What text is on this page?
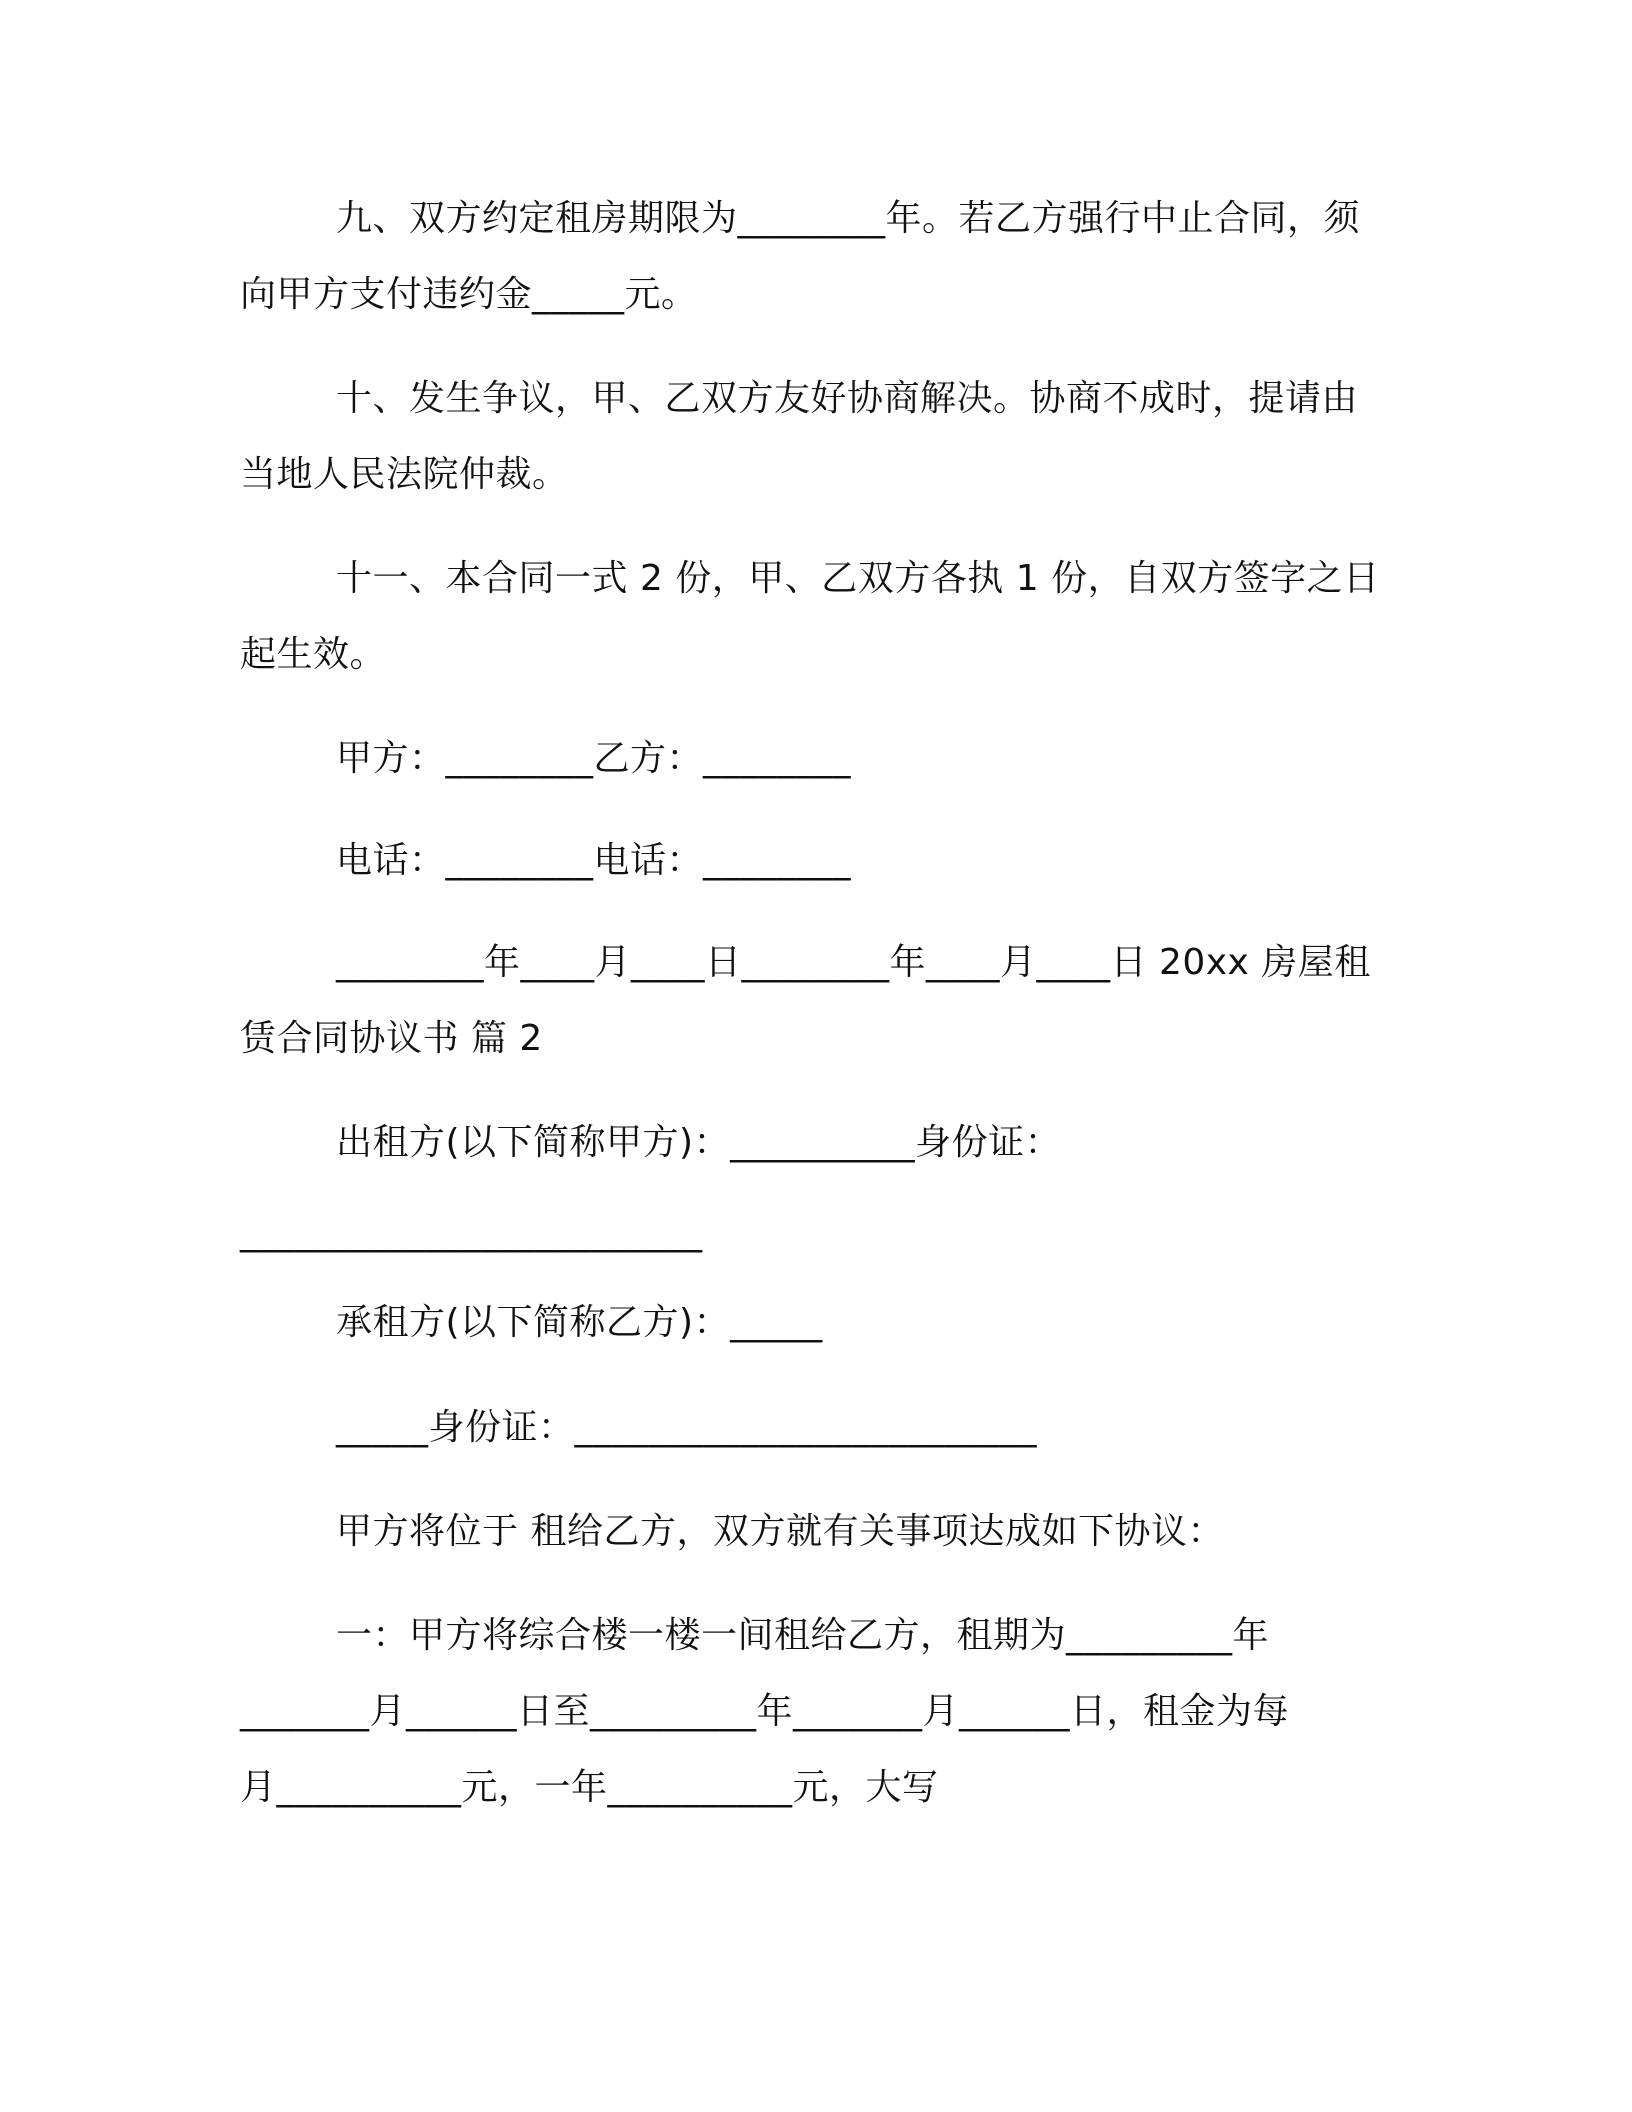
九、双方约定租房期限为________年。若乙方强行中止合同，须向甲方支付违约金_____元。

十、发生争议，甲、乙双方友好协商解决。协商不成时，提请由当地人民法院仲裁。

十一、本合同一式 2 份，甲、乙双方各执 1 份，自双方签字之日起生效。

甲方：________乙方：________

电话：________电话：________

________年____月____日________年____月____日 20xx 房屋租赁合同协议书 篇 2

出租方(以下简称甲方)：__________身份证：

_________________________

承租方(以下简称乙方)：_____

_____身份证：_________________________

甲方将位于 租给乙方，双方就有关事项达成如下协议：

一：甲方将综合楼一楼一间租给乙方，租期为_________年

_______月______日至_________年_______月______日，租金为每

月__________元，一年__________元，大写
